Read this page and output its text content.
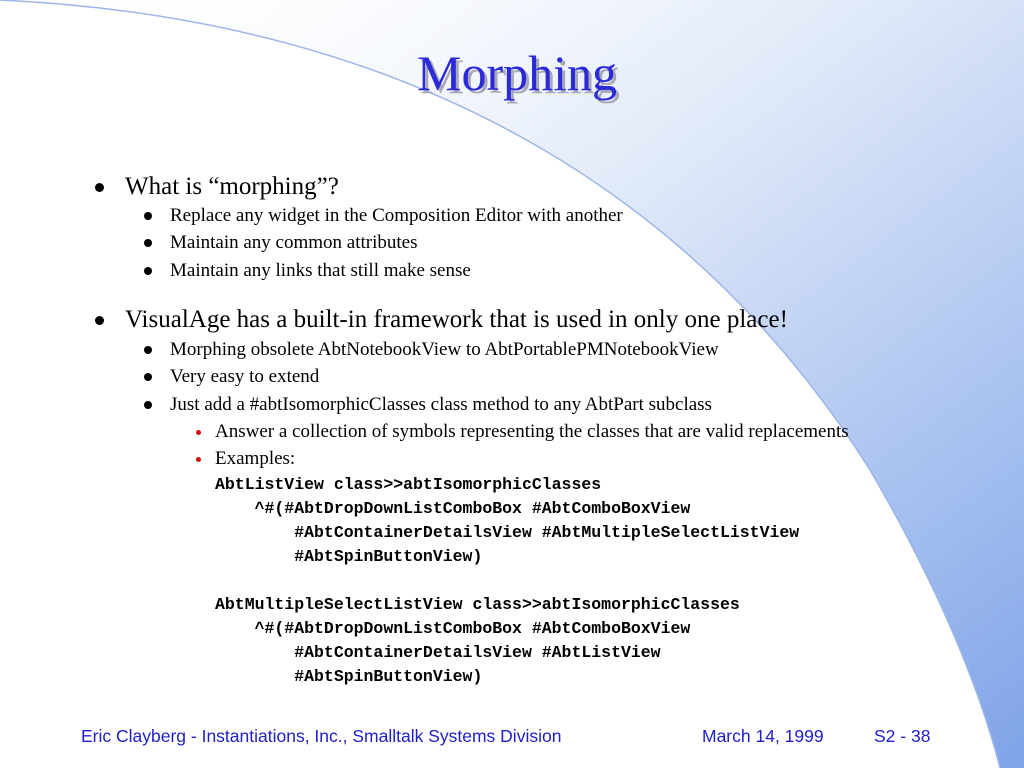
Morphing
What is “morphing”?
Replace any widget in the Composition Editor with another
Maintain any common attributes
Maintain any links that still make sense
VisualAge has a built-in framework that is used in only one place!
Morphing obsolete AbtNotebookView to AbtPortablePMNotebookView
Very easy to extend
Just add a #abtIsomorphicClasses class method to any AbtPart subclass
Answer a collection of symbols representing the classes that are valid replacements
Examples:
AbtListView class>>abtIsomorphicClasses
^#(#AbtDropDownListComboBox #AbtComboBoxView
#AbtContainerDetailsView #AbtMultipleSelectListView
#AbtSpinButtonView)
AbtMultipleSelectListView class>>abtIsomorphicClasses
^#(#AbtDropDownListComboBox #AbtComboBoxView
#AbtContainerDetailsView #AbtListView
#AbtSpinButtonView)
Eric Clayberg - Instantiations, Inc., Smalltalk Systems Division	March 14, 1999	S2 - 38
